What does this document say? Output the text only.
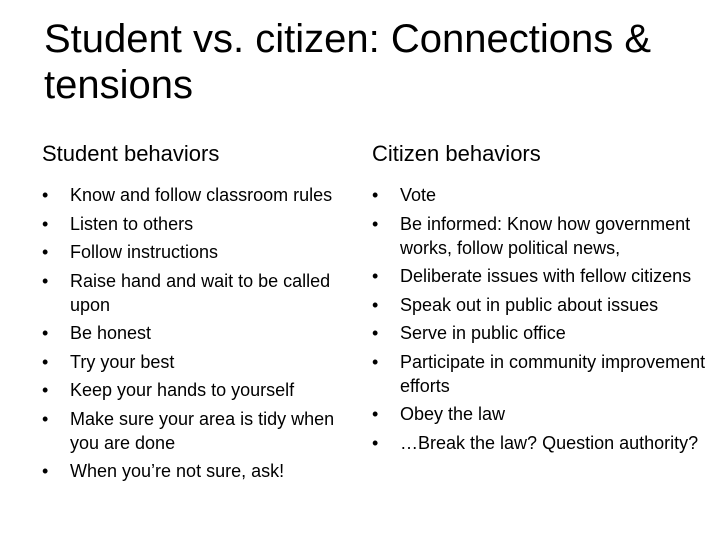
Student vs. citizen: Connections & tensions
Student behaviors
•	Know and follow classroom rules
•	Listen to others
•	Follow instructions
•	Raise hand and wait to be called upon
•	Be honest
•	Try your best
•	Keep your hands to yourself
•	Make sure your area is tidy when you are done
•	When you’re not sure, ask!
Citizen behaviors
•	Vote
•	Be informed: Know how government works, follow political news,
•	Deliberate issues with fellow citizens
•	Speak out in public about issues
•	Serve in public office
•	Participate in community improvement efforts
•	Obey the law
•	…Break the law? Question authority?
